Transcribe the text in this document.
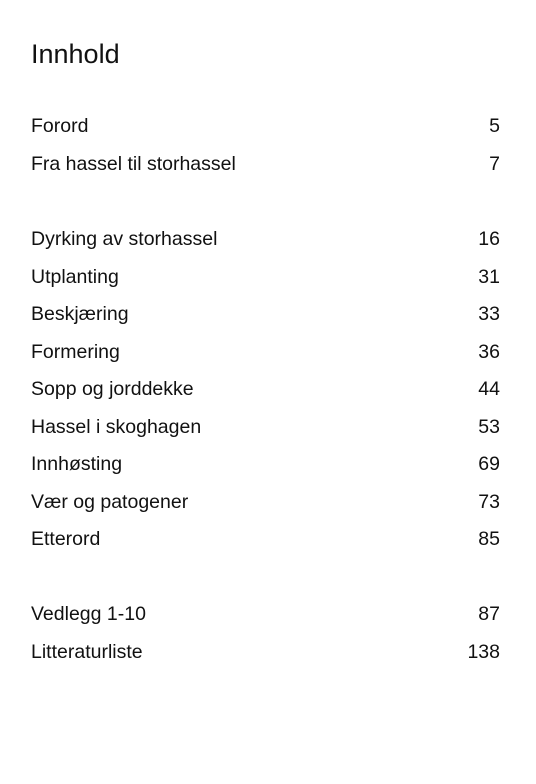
Innhold
Forord	5
Fra hassel til storhassel	7
Dyrking av storhassel	16
Utplanting	31
Beskjæring	33
Formering	36
Sopp og jorddekke	44
Hassel i skoghagen	53
Innhøsting	69
Vær og patogener	73
Etterord	85
Vedlegg 1-10	87
Litteraturliste	138
